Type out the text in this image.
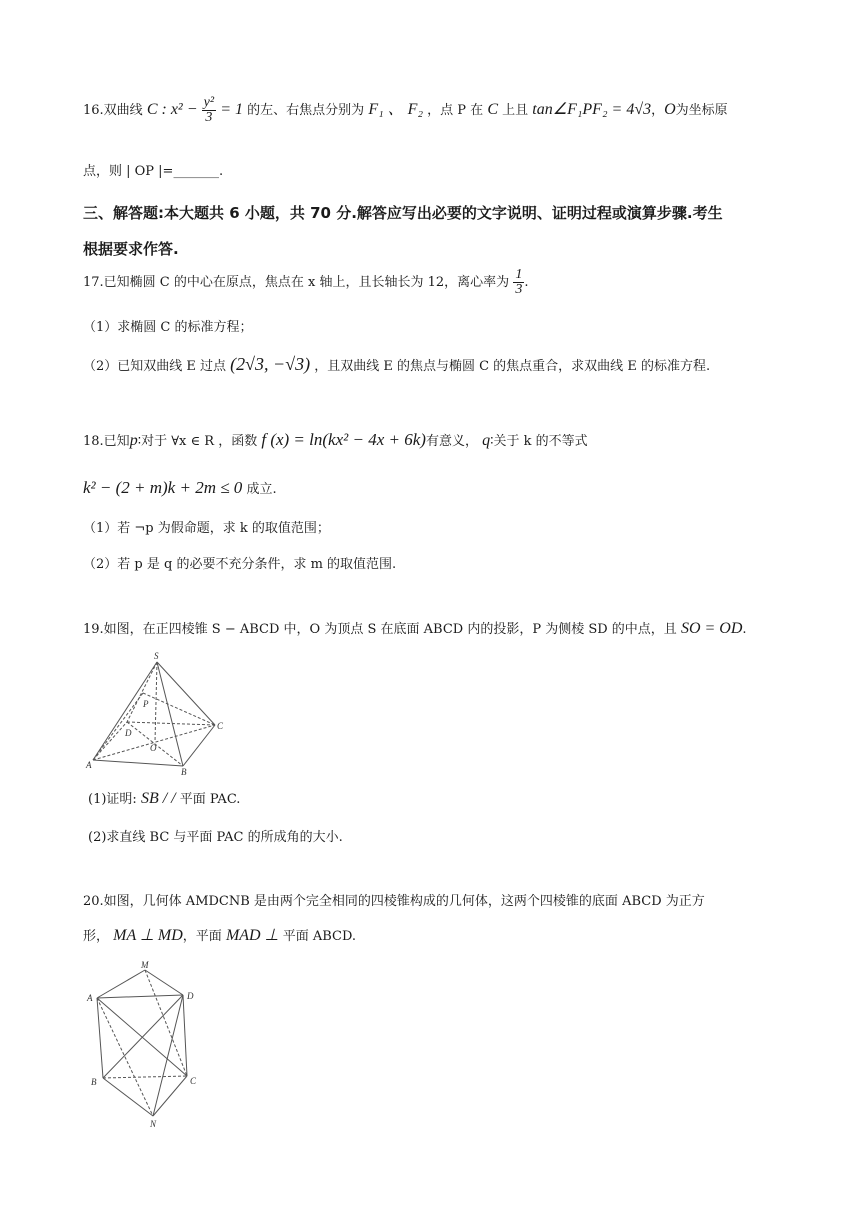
16.双曲线 C : $x^2 - \frac{\text{y²}}{3} = 1$ 的左、右焦点分别为 F₁ 、 F₂ ，点 P 在 C 上且 tan∠F₁PF₂ = 4√3，O为坐标原
点，则 | OP |=_______.
三、解答题:本大题共 6 小题，共 70 分.解答应写出必要的文字说明、证明过程或演算步骤.考生
根据要求作答.
17.已知椭圆 C 的中心在原点，焦点在 x 轴上，且长轴长为 12，离心率为 $\frac{1}{3}$ .
（1）求椭圆 C 的标准方程；
（2）已知双曲线 E 过点 (2√3, −√3) ，且双曲线 E 的焦点与椭圆 C 的焦点重合，求双曲线 E 的标准方程.
18.已知p∶对于 ∀x ∈ R ，函数 f (x) = ln(kx² − 4x + 6k)有意义， q∶关于 k 的不等式
k² − (2 + m)k + 2m ≤ 0 成立.
（1）若 ¬p 为假命题，求 k 的取值范围；
（2）若 p 是 q 的必要不充分条件，求 m 的取值范围.
19.如图，在正四棱锥 S − ABCD 中，O 为顶点 S 在底面 ABCD 内的投影，P 为侧棱 SD 的中点，且 SO = OD.
S
P
C
D
O
A
B
(1)证明: SB / / 平面 PAC.
(2)求直线 BC 与平面 PAC 的所成角的大小.
20.如图，几何体 AMDCNB 是由两个完全相同的四棱锥构成的几何体，这两个四棱锥的底面 ABCD 为正方
形， MA ⊥ MD，平面 MAD ⊥ 平面 ABCD.
M
A	D
B	C
N
